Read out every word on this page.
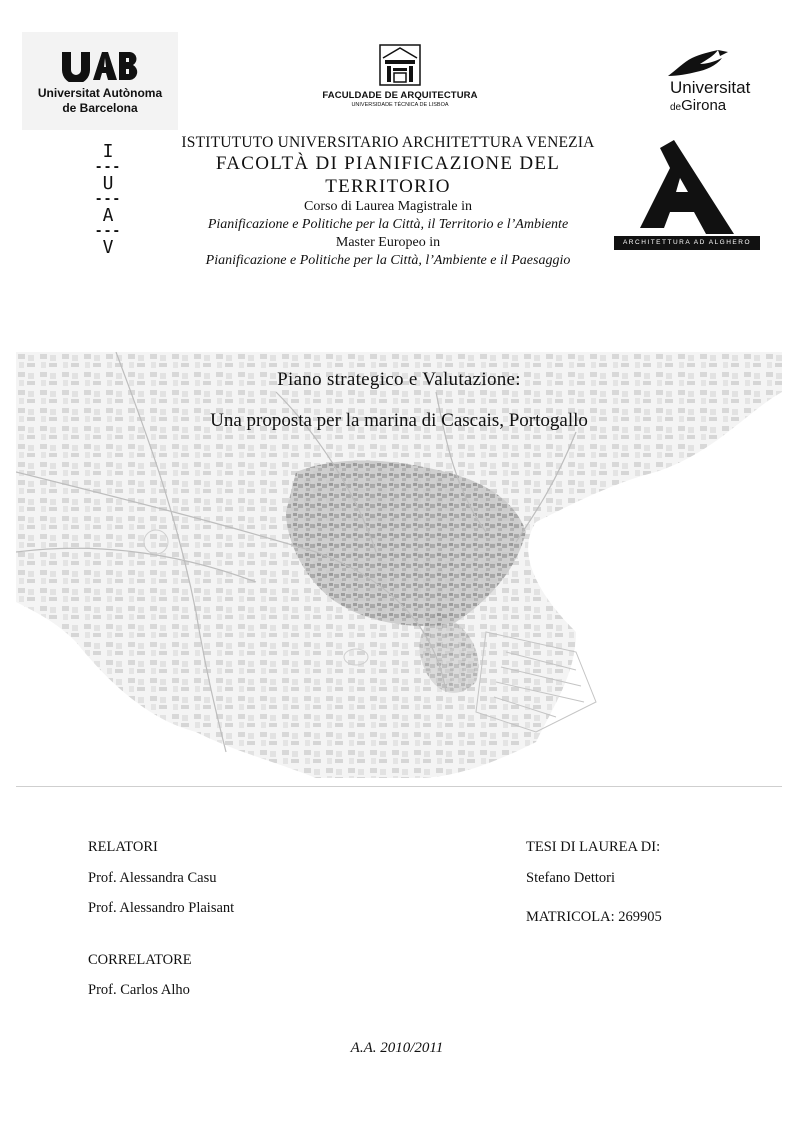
Universitat Autònoma
de Barcelona
FACULDADE DE ARQUITECTURA
UNIVERSIDADE TÉCNICA DE LISBOA
Universitat
deGirona
I
---
U
---
A
---
V
ISTITUTUTO UNIVERSITARIO ARCHITETTURA VENEZIA
FACOLTÀ DI PIANIFICAZIONE DEL
TERRITORIO
Corso di Laurea Magistrale in
Pianificazione e Politiche per la Città, il Territorio e l’Ambiente
Master Europeo in
Pianificazione e Politiche per la Città, l’Ambiente e il Paesaggio
ARCHITETTURA AD ALGHERO
Piano strategico e Valutazione:
Una proposta per la marina di Cascais, Portogallo
RELATORI
Prof. Alessandra Casu
Prof. Alessandro Plaisant
CORRELATORE
Prof. Carlos Alho
TESI DI LAUREA DI:
Stefano Dettori
MATRICOLA: 269905
A.A. 2010/2011
